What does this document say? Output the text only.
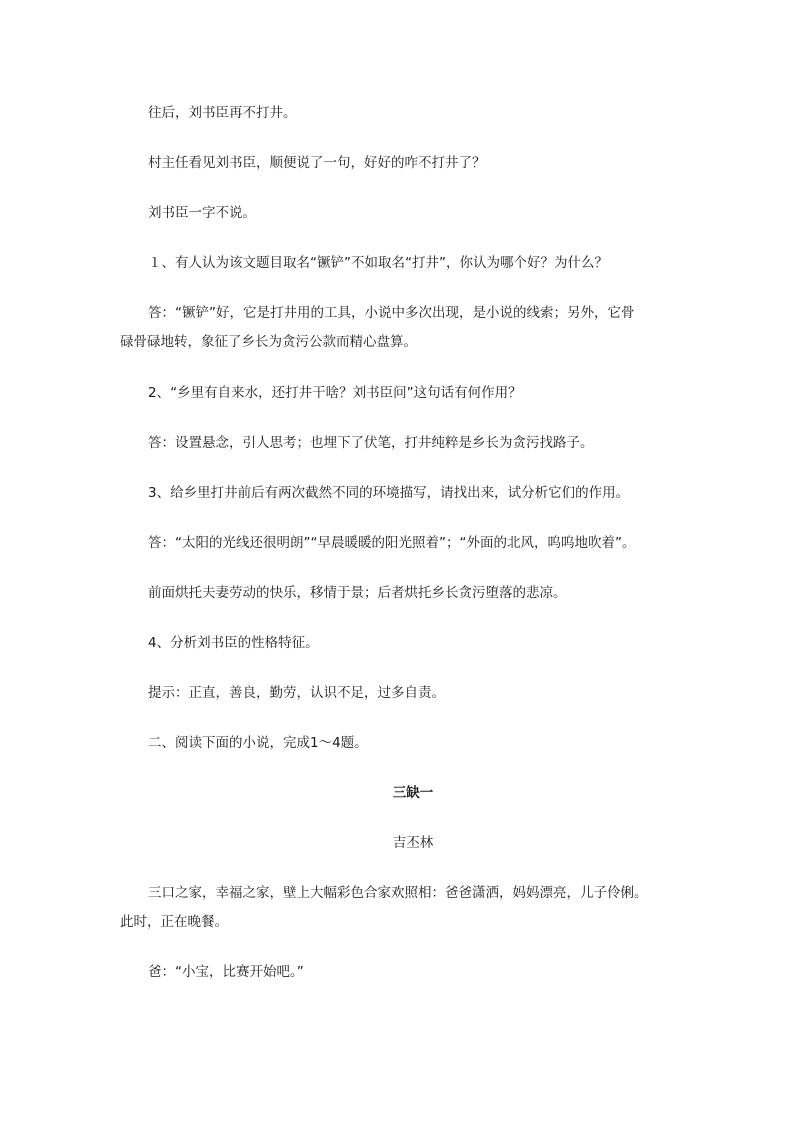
往后，刘书臣再不打井。
村主任看见刘书臣，顺便说了一句，好好的咋不打井了？
刘书臣一字不说。
１、有人认为该文题目取名“镢铲”不如取名“打井”，你认为哪个好？为什么？
答：“镢铲”好，它是打井用的工具，小说中多次出现，是小说的线索；另外，它骨
碌骨碌地转，象征了乡长为贪污公款而精心盘算。
2、“乡里有自来水，还打井干啥？刘书臣问”这句话有何作用？
答：设置悬念，引人思考；也埋下了伏笔，打井纯粹是乡长为贪污找路子。
3、给乡里打井前后有两次截然不同的环境描写，请找出来，试分析它们的作用。
答：“太阳的光线还很明朗”“早晨暖暖的阳光照着”；“外面的北风，呜呜地吹着”。
前面烘托夫妻劳动的快乐，移情于景；后者烘托乡长贪污堕落的悲凉。
4、分析刘书臣的性格特征。
提示：正直，善良，勤劳，认识不足，过多自责。
二、阅读下面的小说，完成1～4题。
三缺一
吉丕林
三口之家，幸福之家，壁上大幅彩色合家欢照相：爸爸潇洒，妈妈漂亮，儿子伶俐。
此时，正在晚餐。
爸：“小宝，比赛开始吧。”
